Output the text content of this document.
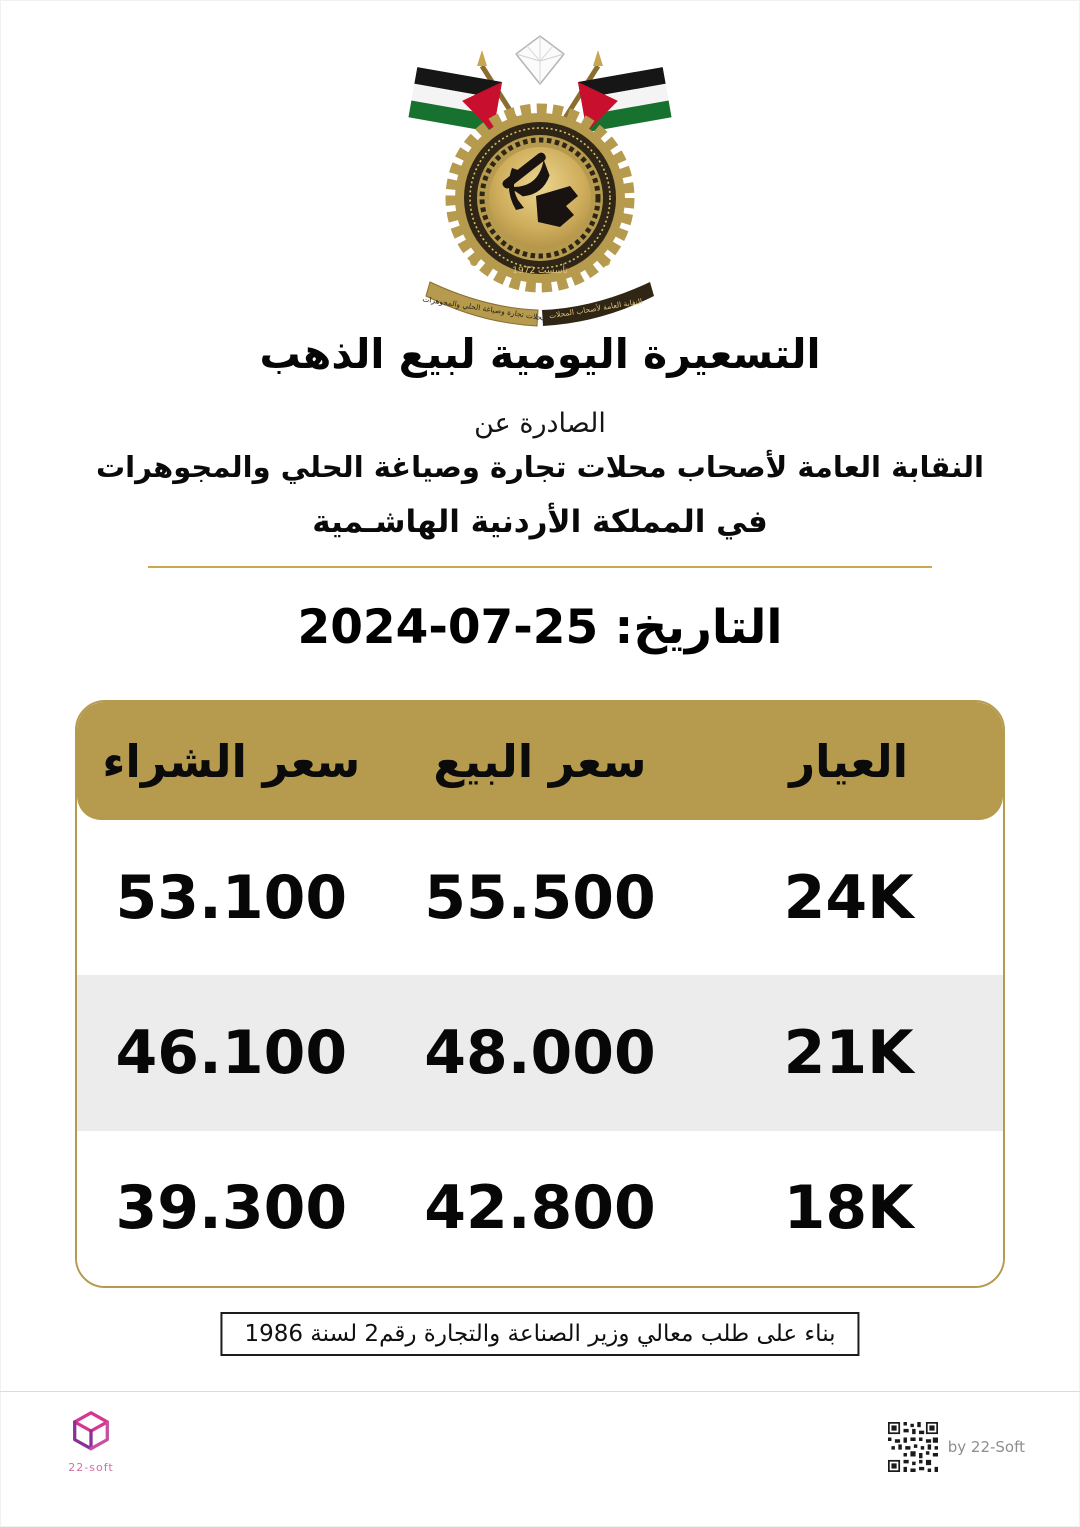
تأسست 1972
محلات تجارة وصياغة الحلي والمجوهرات النقابة العامة لأصحاب المحلات
التسعيرة اليومية لبيع الذهب
الصادرة عن
النقابة العامة لأصحاب محلات تجارة وصياغة الحلي والمجوهرات
في المملكة الأردنية الهاشـمية
التاريخ: 25-07-2024
العيار
سعر البيع
سعر الشراء
24K
55.500
53.100
21K
48.000
46.100
18K
42.800
39.300
بناء على طلب معالي وزير الصناعة والتجارة رقم2 لسنة 1986
22-soft
by 22-Soft
